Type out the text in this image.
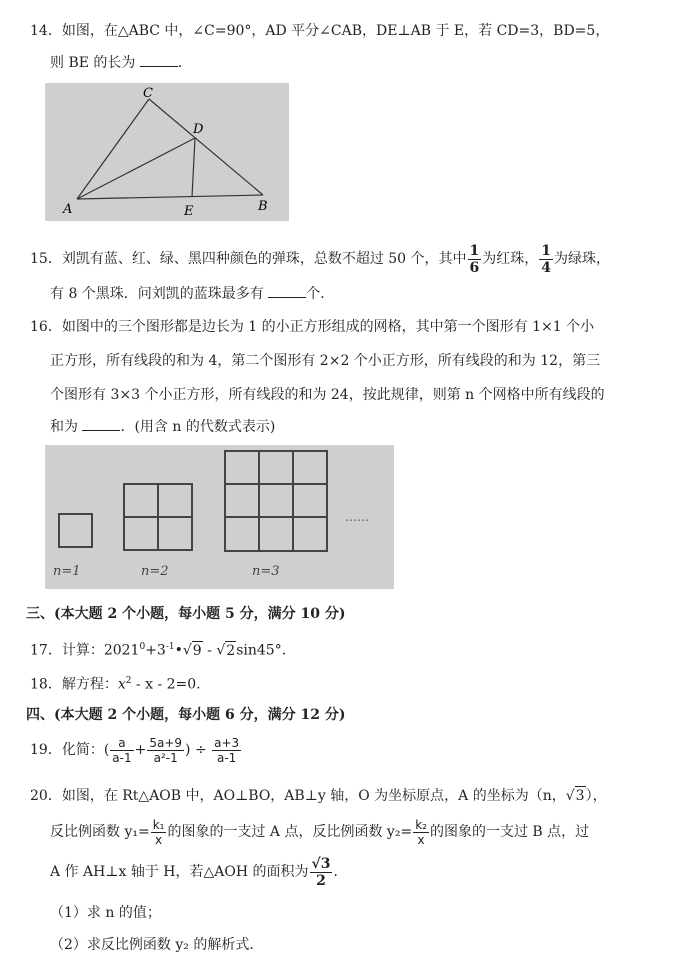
14．如图，在△ABC 中，∠C=90°，AD 平分∠CAB，DE⊥AB 于 E，若 CD=3，BD=5，
则 BE 的长为	．
C
D
A	E	B
15．刘凯有蓝、红、绿、黑四种颜色的弹珠，总数不超过 50 个，其中 $\frac{1}{6}$ 为红珠， $\frac{1}{4}$ 为绿珠，
有 8 个黑珠．问刘凯的蓝珠最多有	个．
16．如图中的三个图形都是边长为 1 的小正方形组成的网格，其中第一个图形有 1×1 个小
正方形，所有线段的和为 4，第二个图形有 2×2 个小正方形，所有线段的和为 12，第三
个图形有 3×3 个小正方形，所有线段的和为 24，按此规律，则第 n 个网格中所有线段的
和为	．(用含 n 的代数式表示)
……
n=1	n=2	n=3
三、(本大题 2 个小题，每小题 5 分，满分 10 分)
17．计算：$2021^0+3^{-1}•√9 - √2\sin 45^\circ$．
18．解方程：$x^2 - x - 2=0$.
四、(本大题 2 个小题，每小题 6 分，满分 12 分)
19．化简：( $\frac{a}{a-1} + \frac{5a+9}{\text{a²-1}}$ ) ÷ $\frac{a+3}{a-1}$
20．如图，在 Rt△AOB 中，AO⊥BO，AB⊥y 轴，O 为坐标原点，A 的坐标为（n，√3），
反比例函数 $y_1= \frac{\text{k₁}}{x}$ 的图象的一支过 A 点，反比例函数 $y_2= \frac{\text{k₂}}{x}$ 的图象的一支过 B 点，过
A 作 AH⊥x 轴于 H，若△AOH 的面积为 $\frac{√3}{2}$ ．
（1）求 n 的值；
（2）求反比例函数 y₂ 的解析式．
